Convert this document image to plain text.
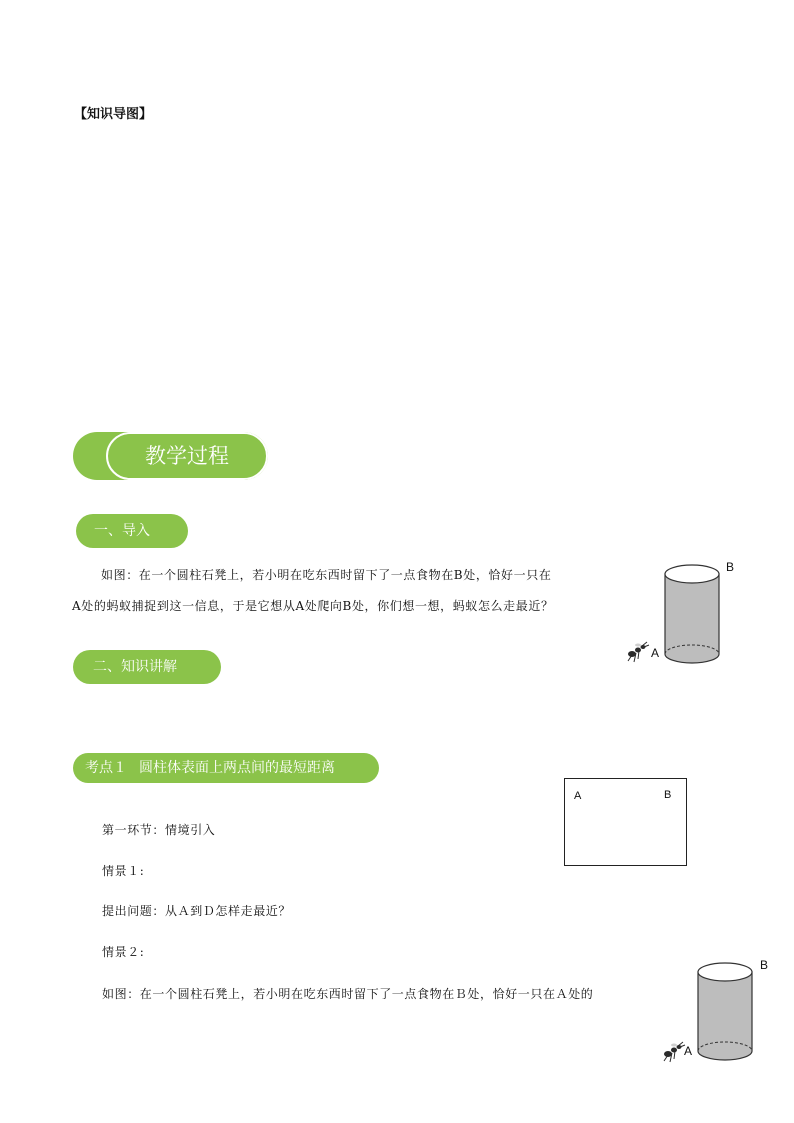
【知识导图】
教学过程
一、导入
如图：在一个圆柱石凳上，若小明在吃东西时留下了一点食物在B处，恰好一只在
A处的蚂蚁捕捉到这一信息，于是它想从A处爬向B处，你们想一想，蚂蚁怎么走最近？
A
B
二、知识讲解
考点１ 圆柱体表面上两点间的最短距离
A	B
第一环节：情境引入
情景１:
提出问题：从Ａ到Ｄ怎样走最近？
情景２:
如图：在一个圆柱石凳上，若小明在吃东西时留下了一点食物在Ｂ处，恰好一只在Ａ处的
A
B
